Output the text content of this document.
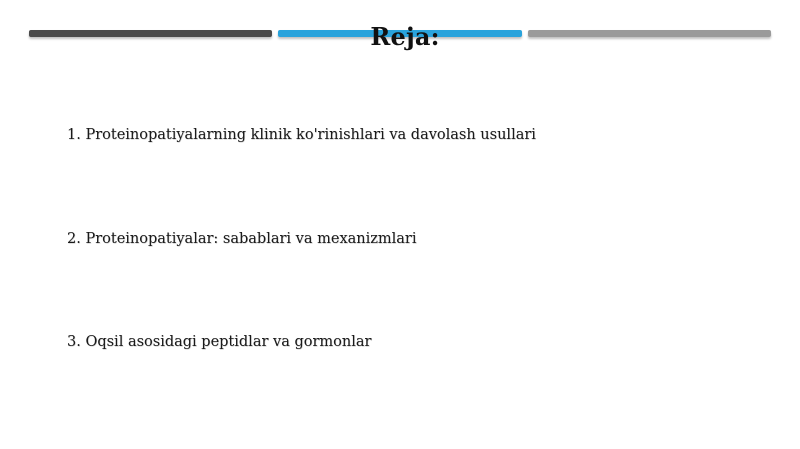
Reja:
1. Proteinopatiyalarning klinik ko'rinishlari va davolash usullari
2. Proteinopatiyalar: sabablari va mexanizmlari
3. Oqsil asosidagi peptidlar va gormonlar
